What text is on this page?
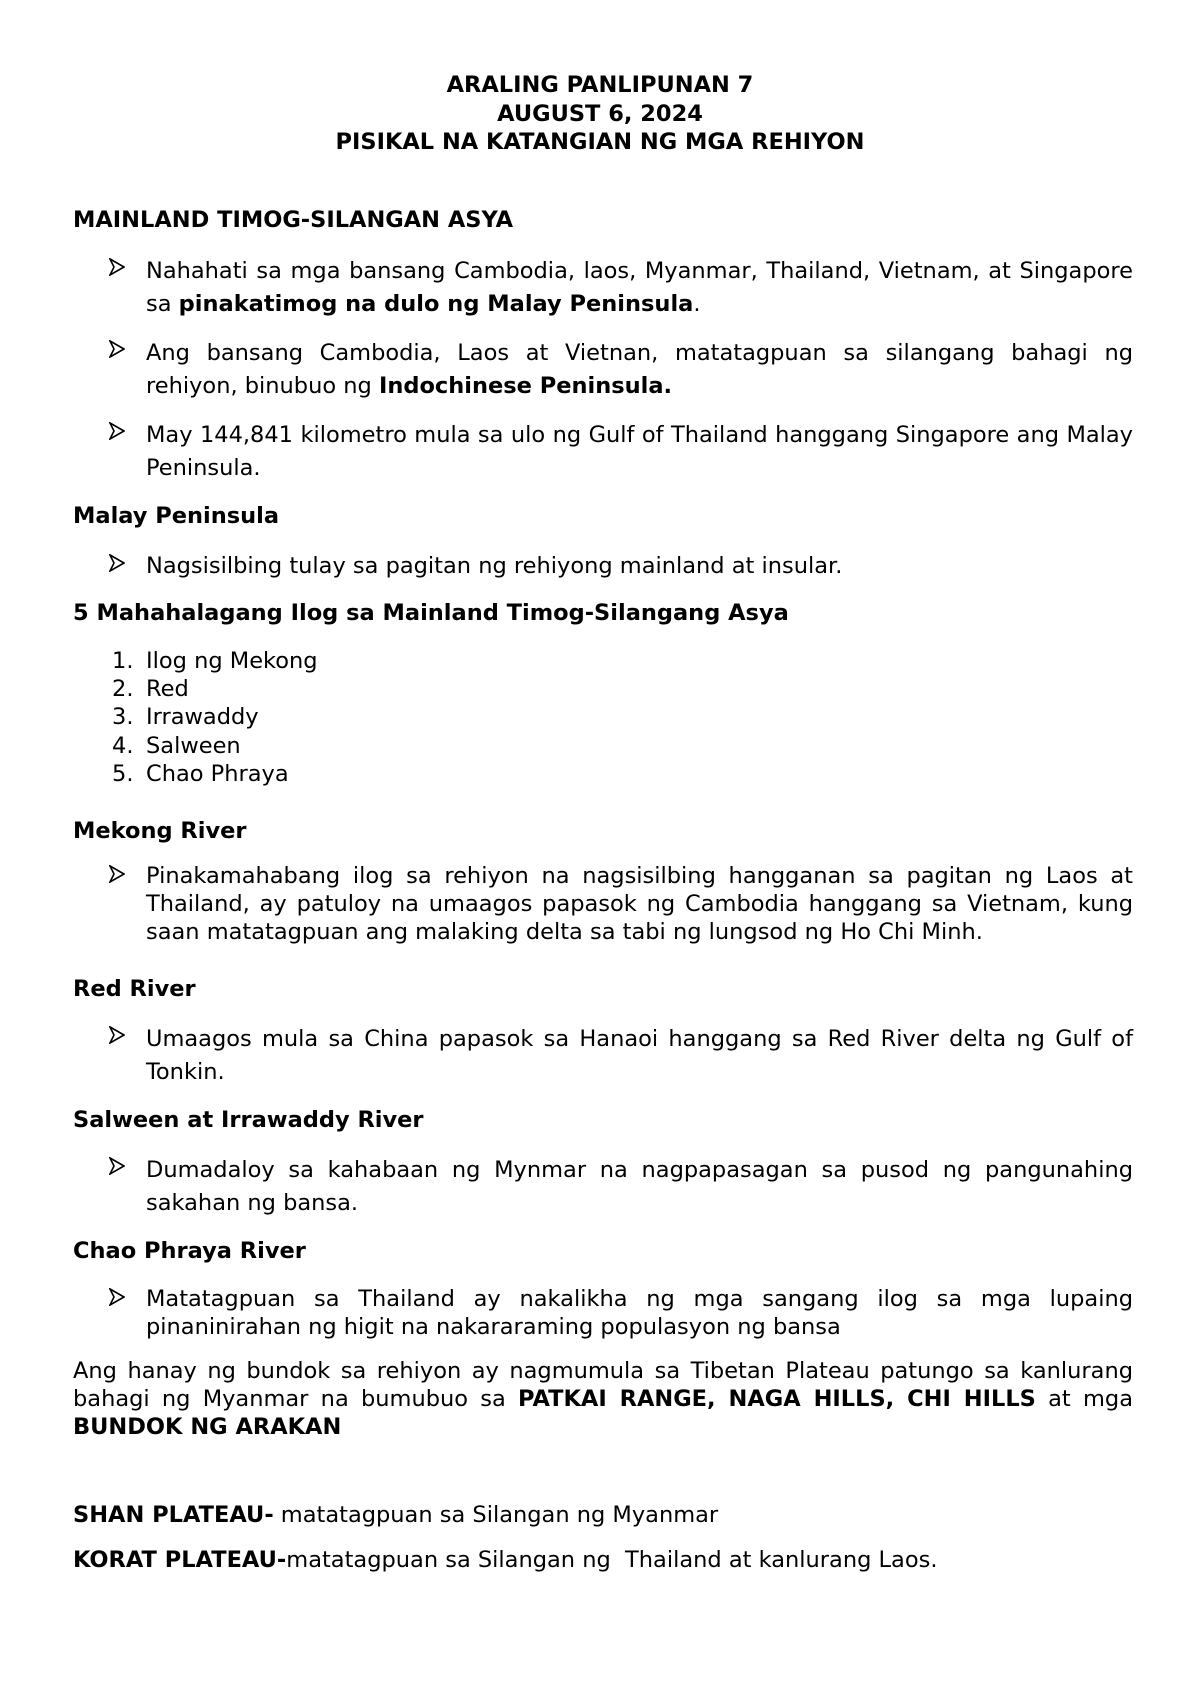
ARALING PANLIPUNAN 7
AUGUST 6, 2024
PISIKAL NA KATANGIAN NG MGA REHIYON
MAINLAND TIMOG-SILANGAN ASYA
Nahahati sa mga bansang Cambodia, laos, Myanmar, Thailand, Vietnam, at Singapore sa pinakatimog na dulo ng Malay Peninsula.
Ang bansang Cambodia, Laos at Vietnan, matatagpuan sa silangang bahagi ng rehiyon, binubuo ng Indochinese Peninsula.
May 144,841 kilometro mula sa ulo ng Gulf of Thailand hanggang Singapore ang Malay Peninsula.
Malay Peninsula
Nagsisilbing tulay sa pagitan ng rehiyong mainland at insular.
5 Mahahalagang Ilog sa Mainland Timog-Silangang Asya
1. Ilog ng Mekong
2. Red
3. Irrawaddy
4. Salween
5. Chao Phraya
Mekong River
Pinakamahabang ilog sa rehiyon na nagsisilbing hangganan sa pagitan ng Laos at Thailand, ay patuloy na umaagos papasok ng Cambodia hanggang sa Vietnam, kung saan matatagpuan ang malaking delta sa tabi ng lungsod ng Ho Chi Minh.
Red River
Umaagos mula sa China papasok sa Hanaoi hanggang sa Red River delta ng Gulf of Tonkin.
Salween at Irrawaddy River
Dumadaloy sa kahabaan ng Mynmar na nagpapasagan sa pusod ng pangunahing sakahan ng bansa.
Chao Phraya River
Matatagpuan sa Thailand ay nakalikha ng mga sangang ilog sa mga lupaing pinaninirahan ng higit na nakararaming populasyon ng bansa
Ang hanay ng bundok sa rehiyon ay nagmumula sa Tibetan Plateau patungo sa kanlurang bahagi ng Myanmar na bumubuo sa PATKAI RANGE, NAGA HILLS, CHI HILLS at mga BUNDOK NG ARAKAN
SHAN PLATEAU- matatagpuan sa Silangan ng Myanmar
KORAT PLATEAU-matatagpuan sa Silangan ng  Thailand at kanlurang Laos.
